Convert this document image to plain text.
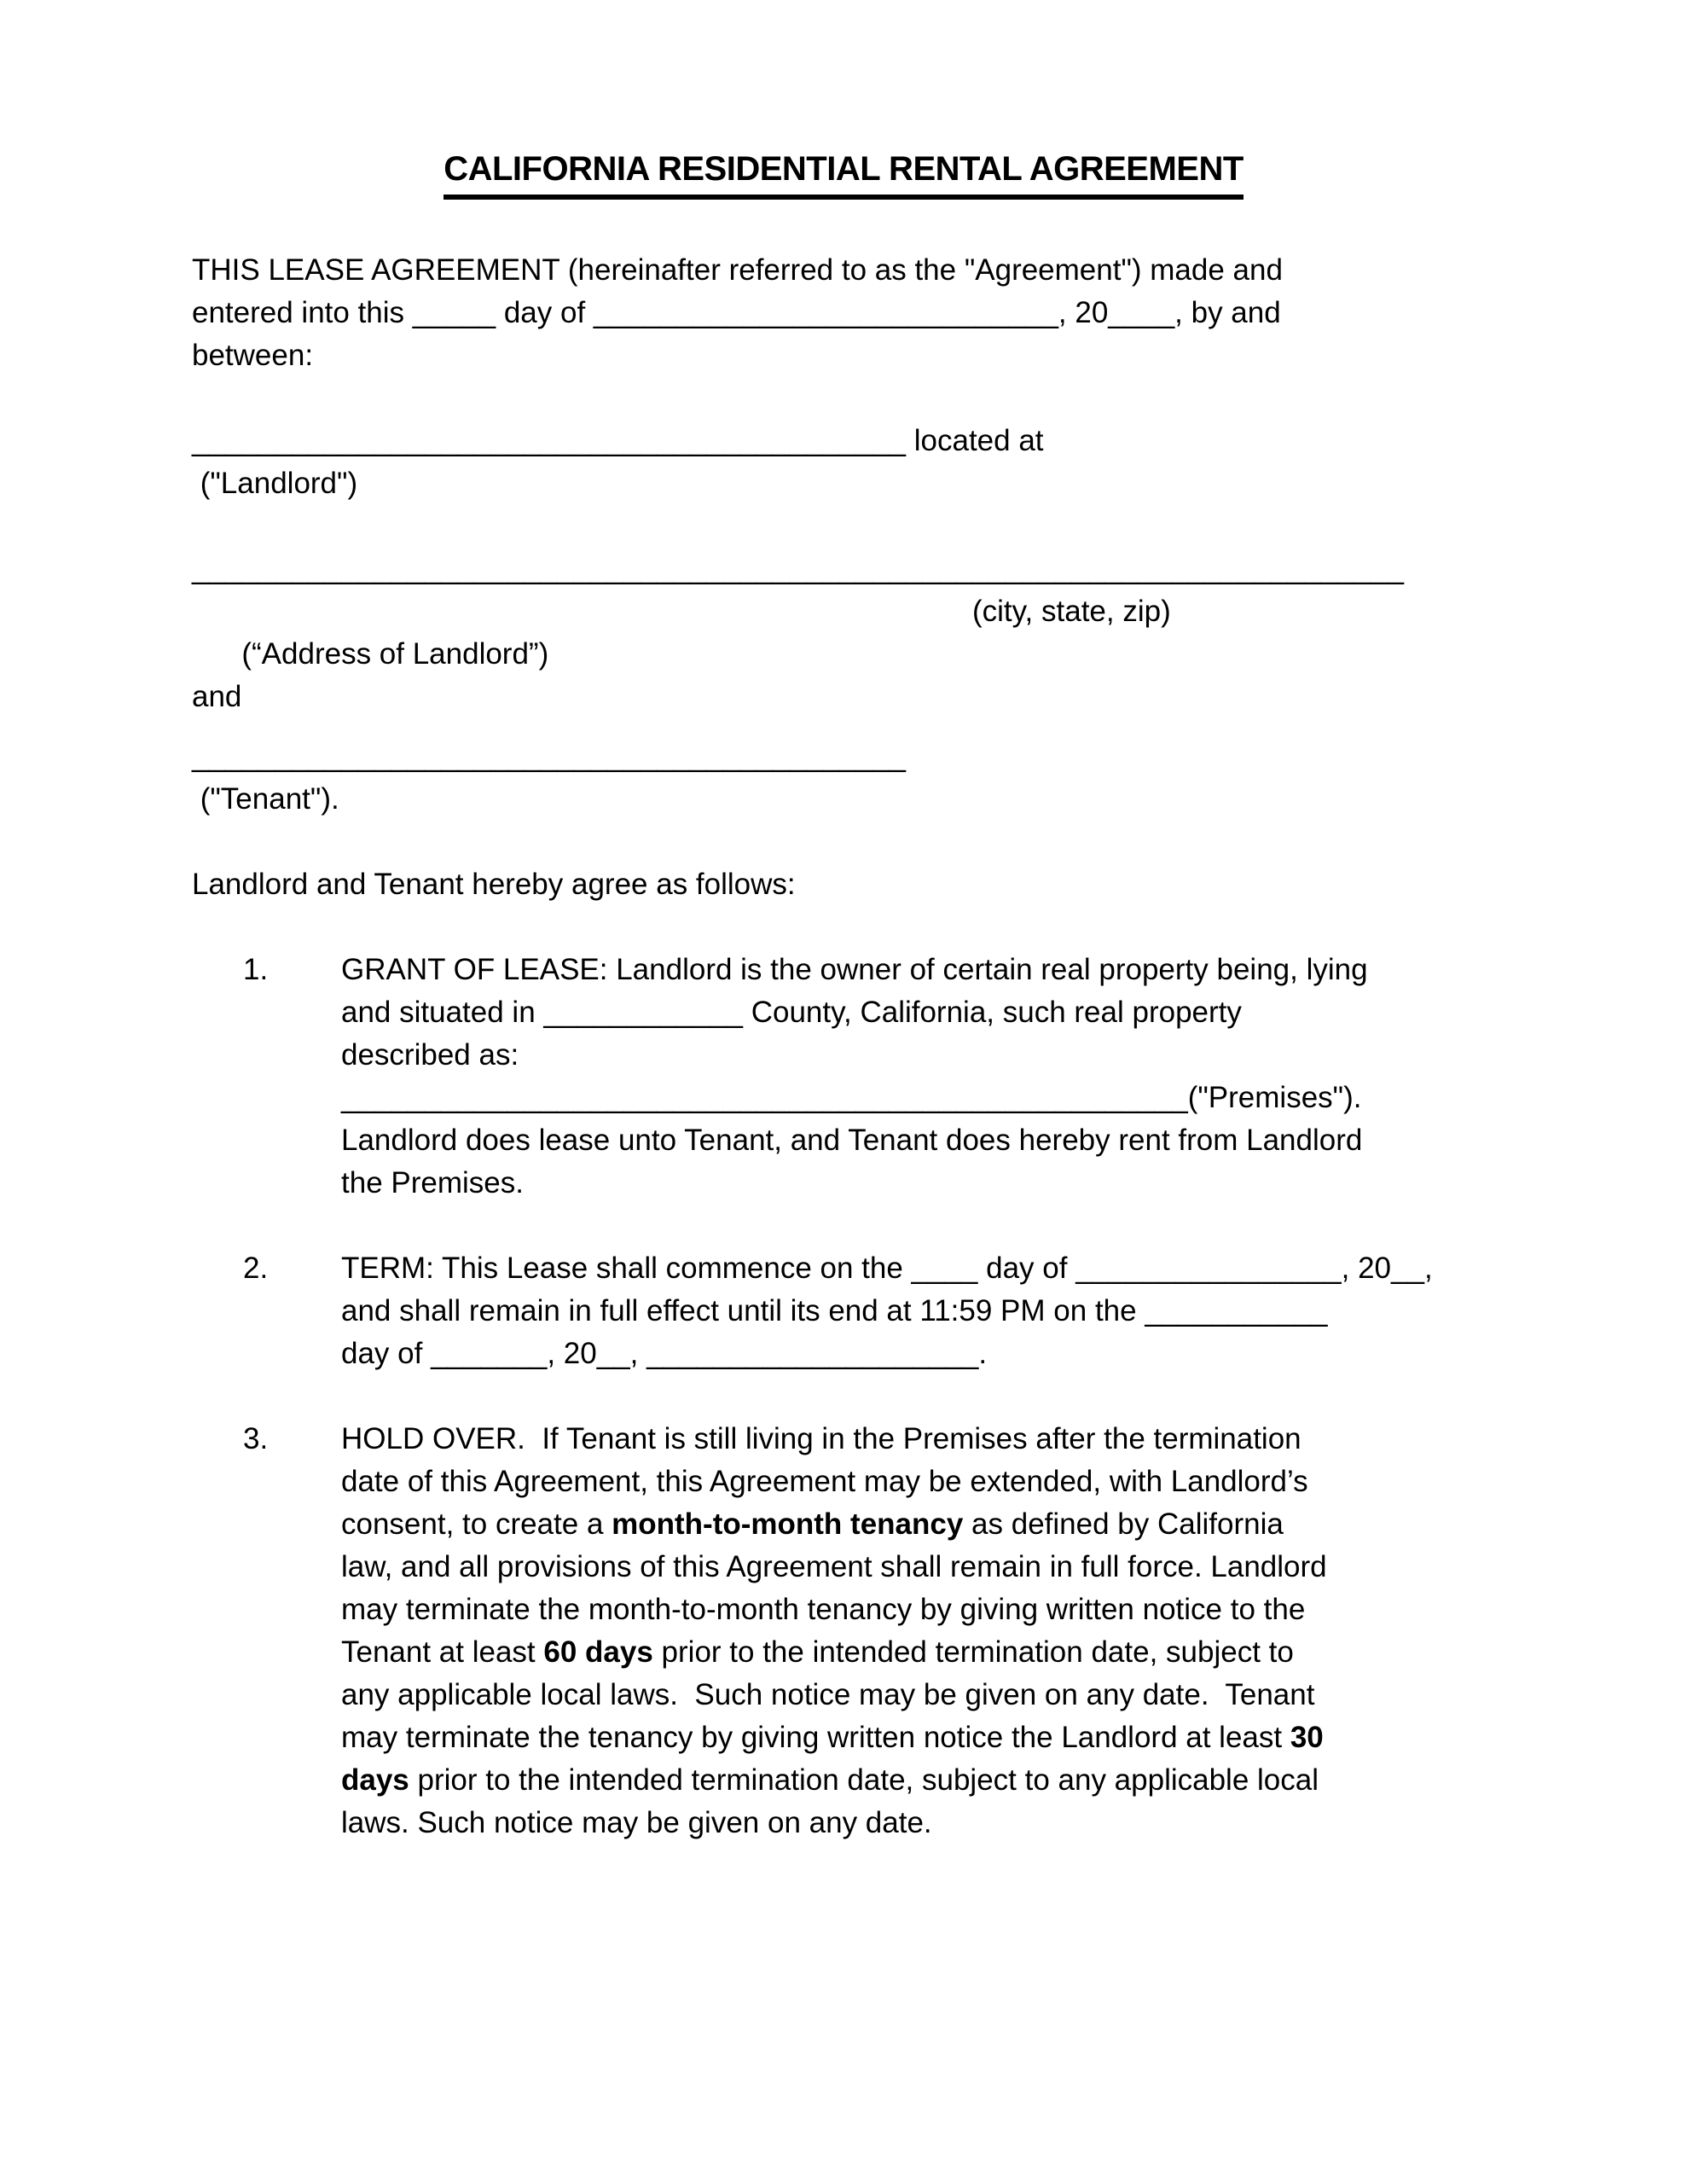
CALIFORNIA RESIDENTIAL RENTAL AGREEMENT
THIS LEASE AGREEMENT (hereinafter referred to as the "Agreement") made and
entered into this _____ day of ____________________________, 20____, by and
between:
___________________________________________ located at
("Landlord")
_________________________________________________________________________

(“Address of Landlord”)

(city, state, zip)

and
___________________________________________
("Tenant").
Landlord and Tenant hereby agree as follows:
1.	GRANT OF LEASE: Landlord is the owner of certain real property being, lying
and situated in ____________ County, California, such real property
described as:
___________________________________________________("Premises").
Landlord does lease unto Tenant, and Tenant does hereby rent from Landlord
the Premises.
2.	TERM: This Lease shall commence on the ____ day of ________________, 20__,
and shall remain in full effect until its end at 11:59 PM on the ___________
day of _______, 20__, ____________________.
3.	HOLD OVER.  If Tenant is still living in the Premises after the termination
date of this Agreement, this Agreement may be extended, with Landlord’s
consent, to create a month-to-month tenancy as defined by California
law, and all provisions of this Agreement shall remain in full force. Landlord
may terminate the month-to-month tenancy by giving written notice to the
Tenant at least 60 days prior to the intended termination date, subject to
any applicable local laws.  Such notice may be given on any date.  Tenant
may terminate the tenancy by giving written notice the Landlord at least 30
days prior to the intended termination date, subject to any applicable local
laws. Such notice may be given on any date.
